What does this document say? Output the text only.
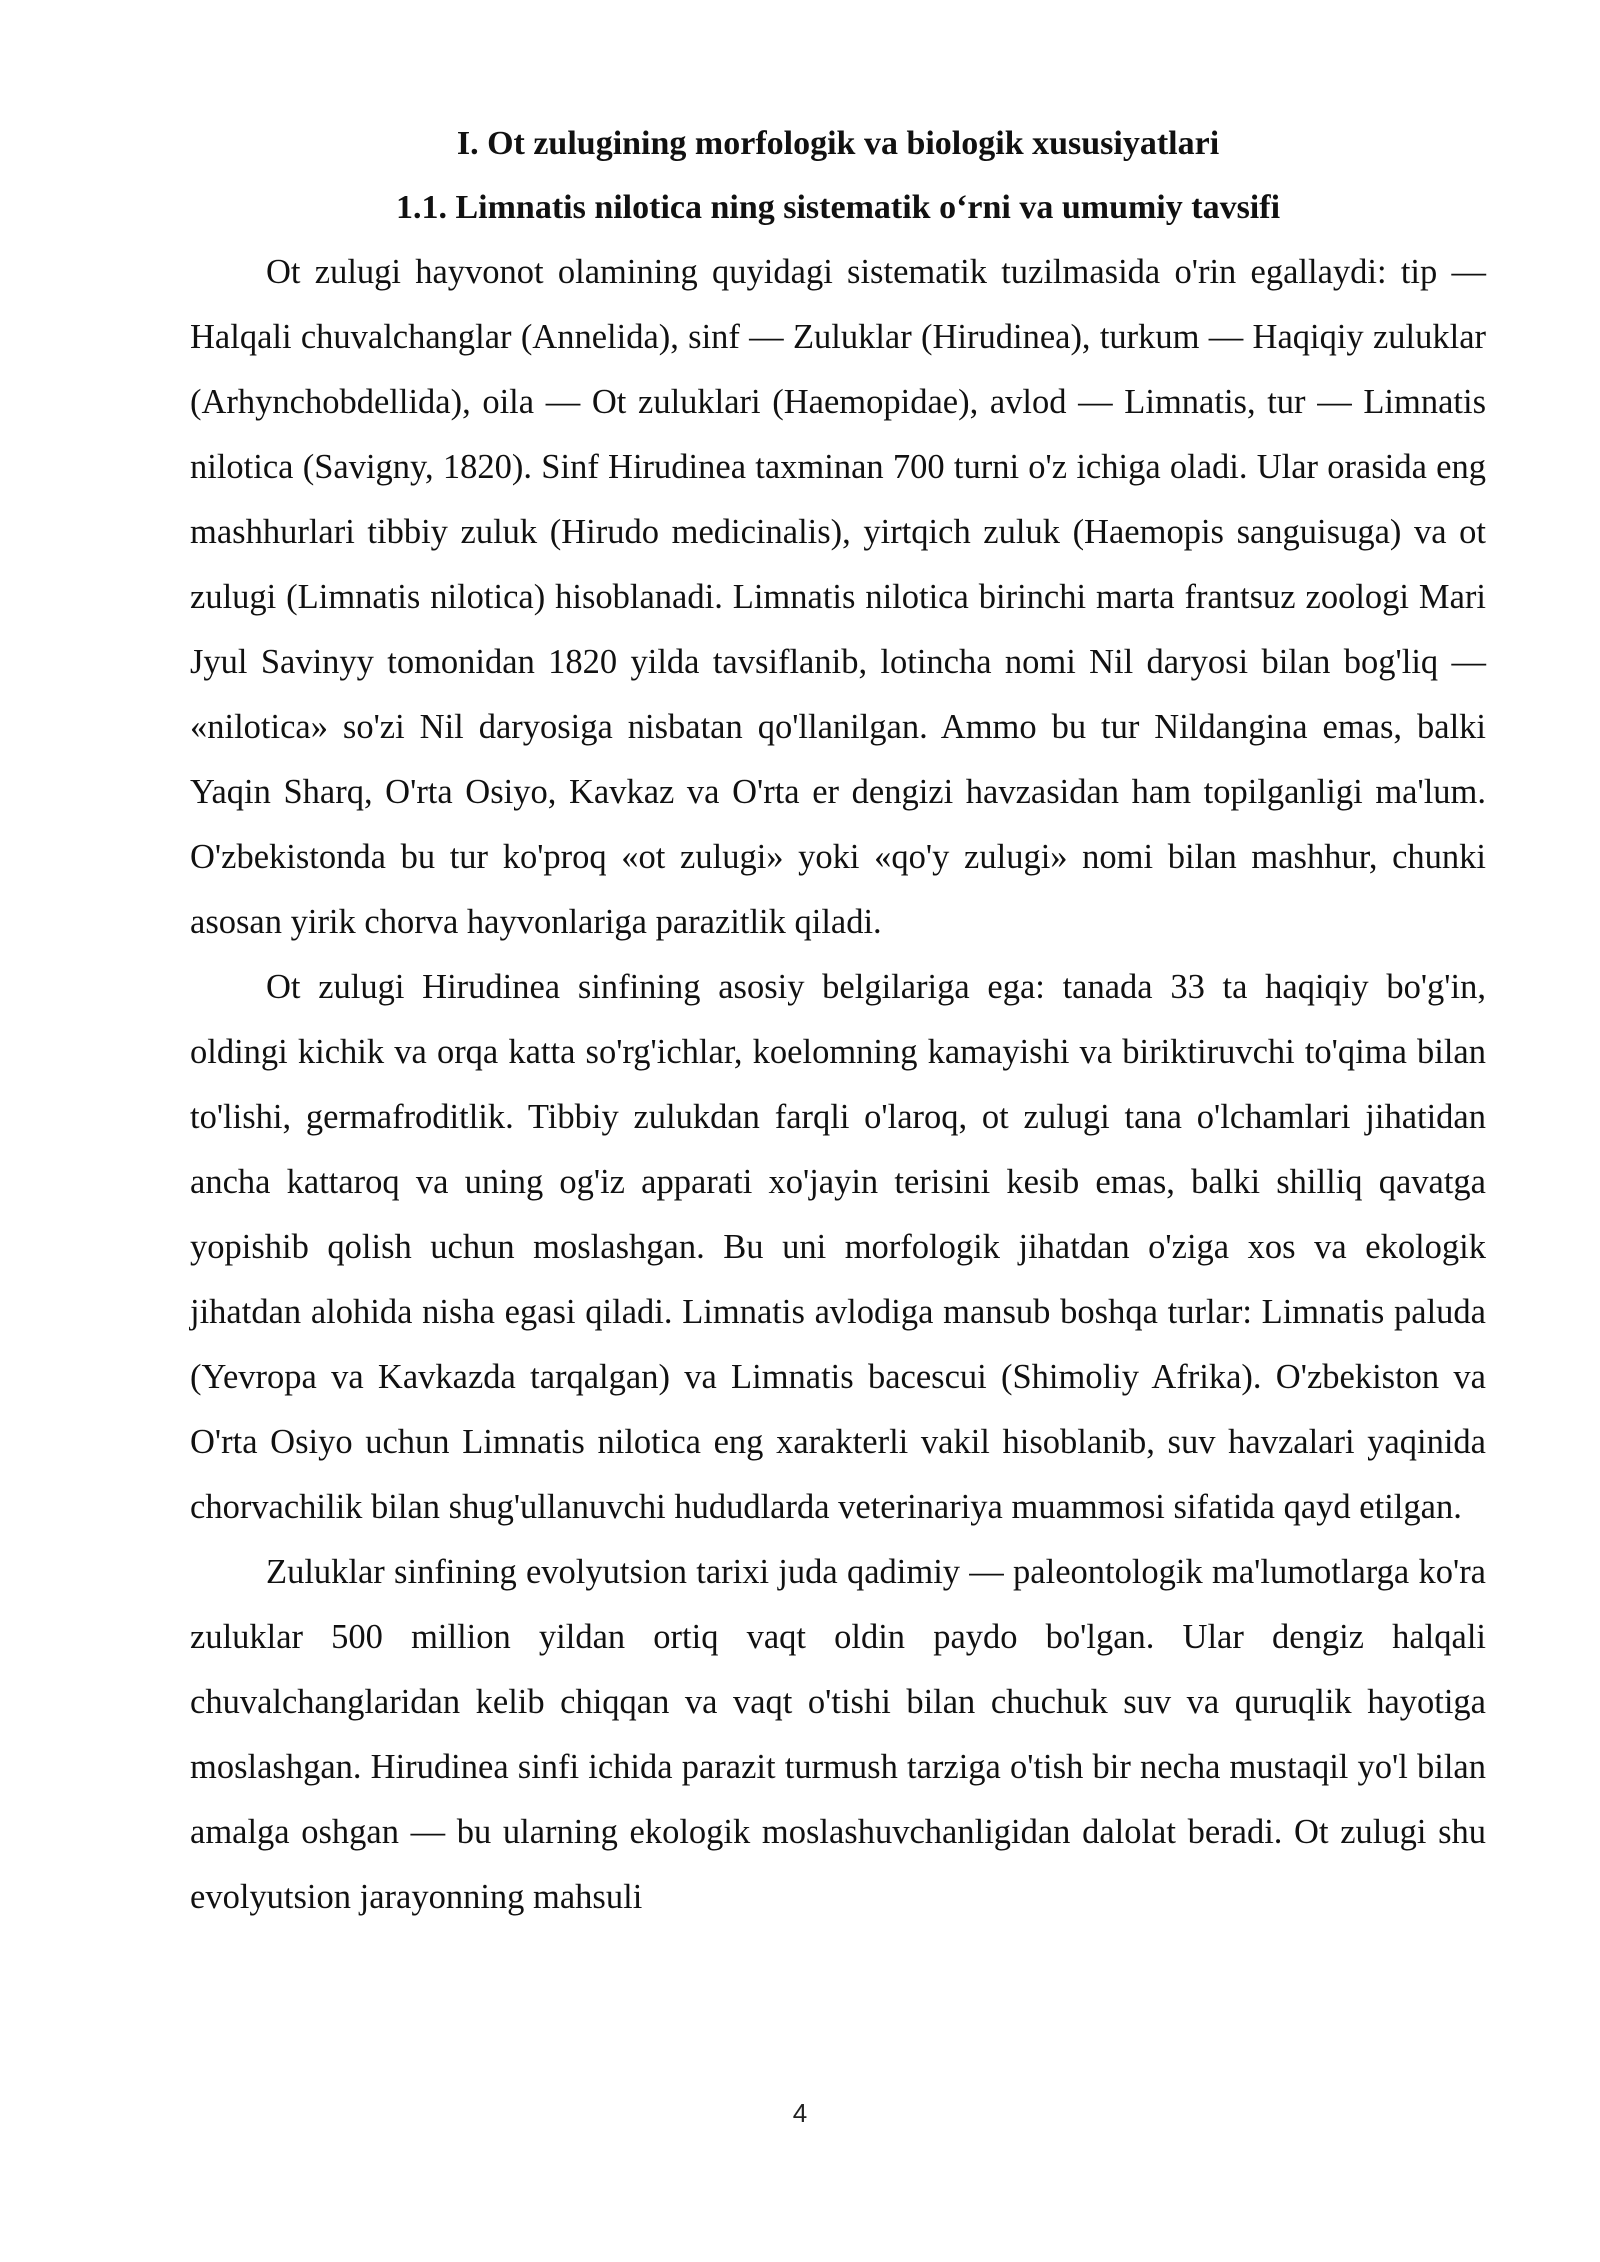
I. Ot zulugining morfologik va biologik xususiyatlari
1.1. Limnatis nilotica ning sistematik o‘rni va umumiy tavsifi

Ot zulugi hayvonot olamining quyidagi sistematik tuzilmasida o'rin egallaydi: tip — Halqali chuvalchanglar (Annelida), sinf — Zuluklar (Hirudinea), turkum — Haqiqiy zuluklar (Arhynchobdellida), oila — Ot zuluklari (Haemopidae), avlod — Limnatis, tur — Limnatis nilotica (Savigny, 1820). Sinf Hirudinea taxminan 700 turni o'z ichiga oladi. Ular orasida eng mashhurlari tibbiy zuluk (Hirudo medicinalis), yirtqich zuluk (Haemopis sanguisuga) va ot zulugi (Limnatis nilotica) hisoblanadi. Limnatis nilotica birinchi marta frantsuz zoologi Mari Jyul Savinyy tomonidan 1820 yilda tavsiflanib, lotincha nomi Nil daryosi bilan bog'liq — «nilotica» so'zi Nil daryosiga nisbatan qo'llanilgan. Ammo bu tur Nildangina emas, balki Yaqin Sharq, O'rta Osiyo, Kavkaz va O'rta er dengizi havzasidan ham topilganligi ma'lum. O'zbekistonda bu tur ko'proq «ot zulugi» yoki «qo'y zulugi» nomi bilan mashhur, chunki asosan yirik chorva hayvonlariga parazitlik qiladi.

Ot zulugi Hirudinea sinfining asosiy belgilariga ega: tanada 33 ta haqiqiy bo'g'in, oldingi kichik va orqa katta so'rg'ichlar, koelomning kamayishi va biriktiruvchi to'qima bilan to'lishi, germafroditlik. Tibbiy zulukdan farqli o'laroq, ot zulugi tana o'lchamlari jihatidan ancha kattaroq va uning og'iz apparati xo'jayin terisini kesib emas, balki shilliq qavatga yopishib qolish uchun moslashgan. Bu uni morfologik jihatdan o'ziga xos va ekologik jihatdan alohida nisha egasi qiladi. Limnatis avlodiga mansub boshqa turlar: Limnatis paluda (Yevropa va Kavkazda tarqalgan) va Limnatis bacescui (Shimoliy Afrika). O'zbekiston va O'rta Osiyo uchun Limnatis nilotica eng xarakterli vakil hisoblanib, suv havzalari yaqinida chorvachilik bilan shug'ullanuvchi hududlarda veterinariya muammosi sifatida qayd etilgan.

Zuluklar sinfining evolyutsion tarixi juda qadimiy — paleontologik ma'lumotlarga ko'ra zuluklar 500 million yildan ortiq vaqt oldin paydo bo'lgan. Ular dengiz halqali chuvalchanglaridan kelib chiqqan va vaqt o'tishi bilan chuchuk suv va quruqlik hayotiga moslashgan. Hirudinea sinfi ichida parazit turmush tarziga o'tish bir necha mustaqil yo'l bilan amalga oshgan — bu ularning ekologik moslashuvchanligidan dalolat beradi. Ot zulugi shu evolyutsion jarayonning mahsuli

4
